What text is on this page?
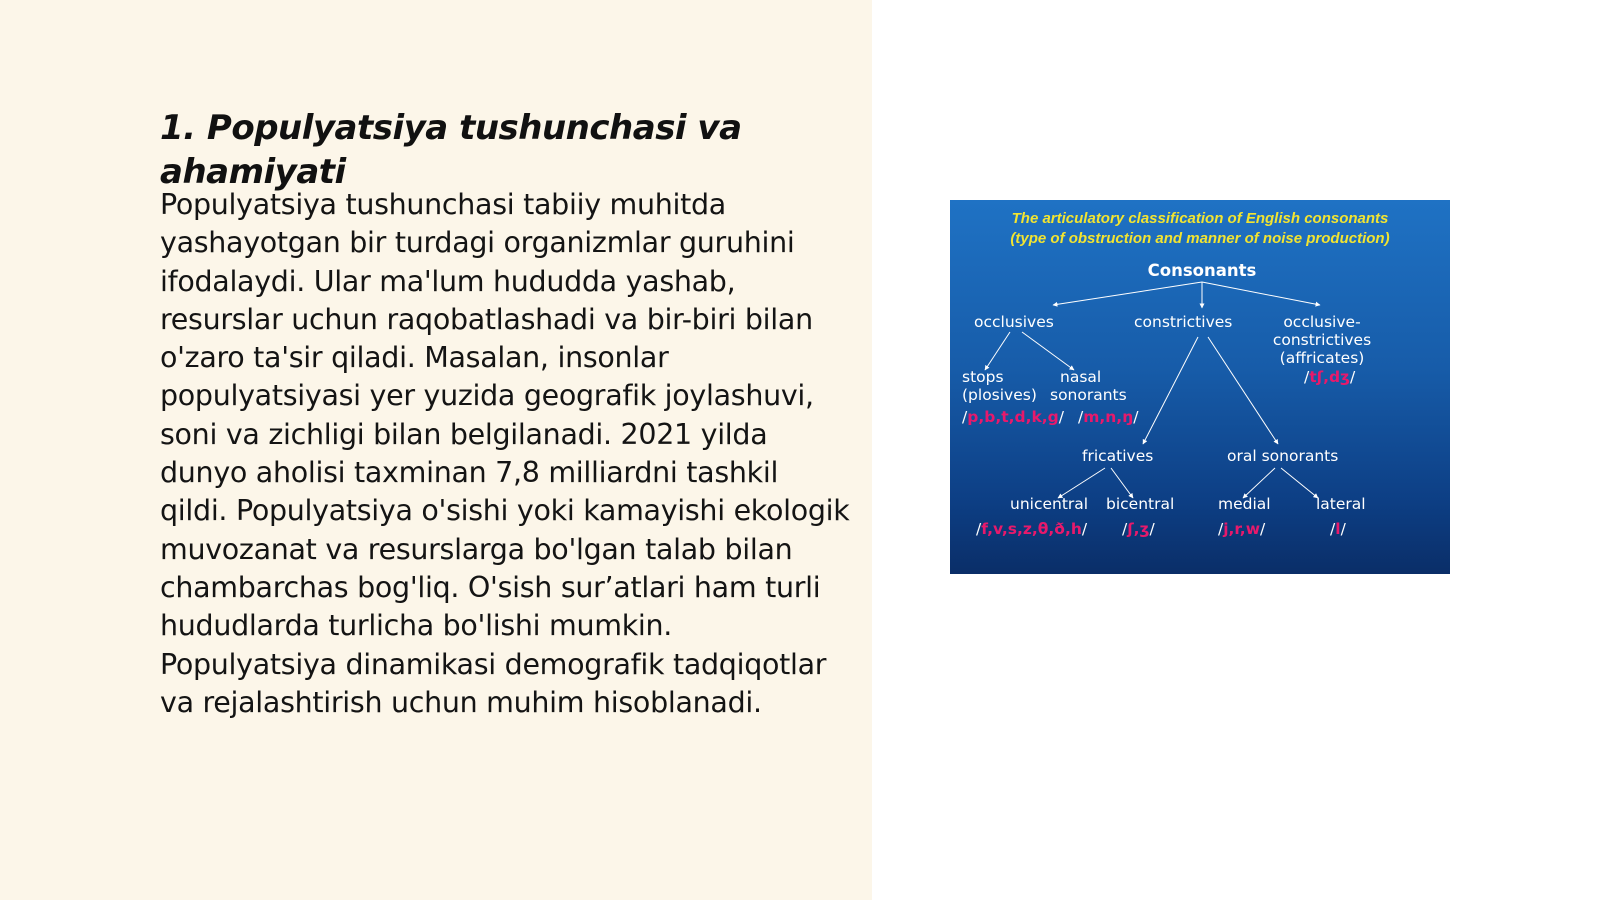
1. Populyatsiya tushunchasi va ahamiyati

Populyatsiya tushunchasi tabiiy muhitda yashayotgan bir turdagi organizmlar guruhini ifodalaydi. Ular ma'lum hududda yashab, resurslar uchun raqobatlashadi va bir-biri bilan o'zaro ta'sir qiladi. Masalan, insonlar populyatsiyasi yer yuzida geografik joylashuvi, soni va zichligi bilan belgilanadi. 2021 yilda dunyo aholisi taxminan 7,8 milliardni tashkil qildi. Populyatsiya o'sishi yoki kamayishi ekologik muvozanat va resurslarga bo'lgan talab bilan chambarchas bog'liq. O'sish sur’atlari ham turli hududlarda turlicha bo'lishi mumkin. Populyatsiya dinamikasi demografik tadqiqotlar va rejalashtirish uchun muhim hisoblanadi.

The articulatory classification of English consonants
(type of obstruction and manner of noise production)
Consonants
occlusives	constrictives	occlusive-
constrictives
(affricates)
/tʃ,dʒ/
stops
(plosives)
nasal
sonorants
/p,b,t,d,k,g/ /m,n,ŋ/
fricatives	oral sonorants
unicentral bicentral	medial	lateral
/f,v,s,z,θ,ð,h/ /ʃ,ʒ/	/j,r,w/	/l/
